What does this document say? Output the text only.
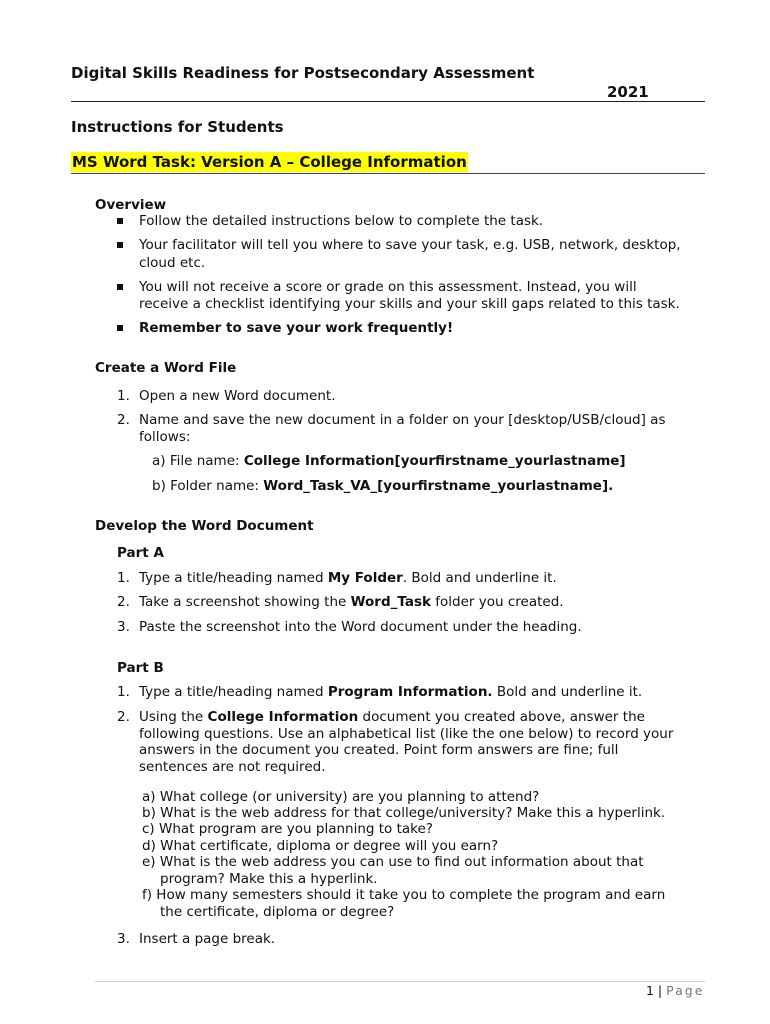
Digital Skills Readiness for Postsecondary Assessment
2021
Instructions for Students
MS Word Task: Version A – College Information
Overview
Follow the detailed instructions below to complete the task.
Your facilitator will tell you where to save your task, e.g. USB, network, desktop,
cloud etc.
You will not receive a score or grade on this assessment. Instead, you will
receive a checklist identifying your skills and your skill gaps related to this task.
Remember to save your work frequently!
Create a Word File
1. Open a new Word document.
2. Name and save the new document in a folder on your [desktop/USB/cloud] as
follows:
a) File name: College Information[yourfirstname_yourlastname]
b) Folder name: Word_Task_VA_[yourfirstname_yourlastname].
Develop the Word Document
Part A
1. Type a title/heading named My Folder. Bold and underline it.
2. Take a screenshot showing the Word_Task folder you created.
3. Paste the screenshot into the Word document under the heading.
Part B
1. Type a title/heading named Program Information. Bold and underline it.
2. Using the College Information document you created above, answer the
following questions. Use an alphabetical list (like the one below) to record your
answers in the document you created. Point form answers are fine; full
sentences are not required.
a) What college (or university) are you planning to attend?
b) What is the web address for that college/university? Make this a hyperlink.
c) What program are you planning to take?
d) What certificate, diploma or degree will you earn?
e) What is the web address you can use to find out information about that
program? Make this a hyperlink.
f) How many semesters should it take you to complete the program and earn
the certificate, diploma or degree?
3. Insert a page break.
1 | Page
